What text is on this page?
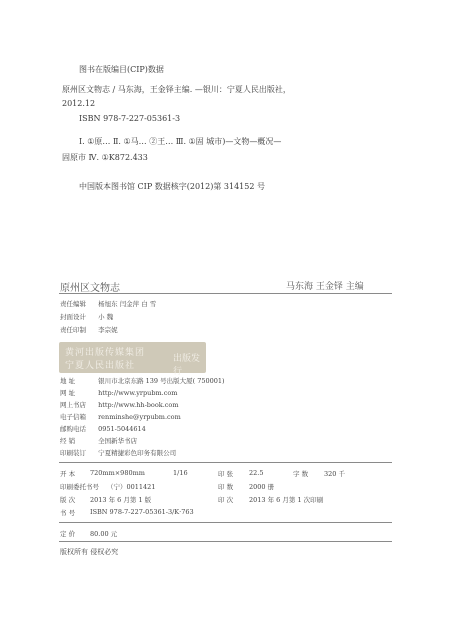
图书在版编目(CIP)数据
原州区文物志 / 马东海，王金铎主编. —银川：宁夏人民出版社，
2012.12
ISBN 978-7-227-05361-3
Ⅰ. ①原… Ⅱ. ①马… ②王… Ⅲ. ①固 城市)—文物—概况—
固原市 Ⅳ. ①K872.433
中国版本图书馆 CIP 数据核字(2012)第 314152 号
原州区文物志	马东海 王金铎 主编
责任编辑 杨旭东 闫金萍 白 雪
封面设计 小 魏
责任印制 李宗妮
黄河出版传媒集团
宁夏人民出版社
出版发行
地 址	银川市北京东路 139 号出版大厦( 750001)
网 址	http://www.yrpubm.com
网上书店 http://www.hh-book.com
电子信箱 renminshe@yrpubm.com
邮购电话 0951-5044614
经 销	全国新华书店
印刷装订 宁夏精捷彩色印务有限公司
开 本 720mm×980mm	1/16	印 张 22.5	字 数 320 千
印刷委托书号 （宁）0011421	印 数 2000 册
版 次 2013 年 6 月第 1 版	印 次 2013 年 6 月第 1 次印刷
书 号 ISBN 978-7-227-05361-3/K·763
定 价 80.00 元
版权所有 侵权必究
